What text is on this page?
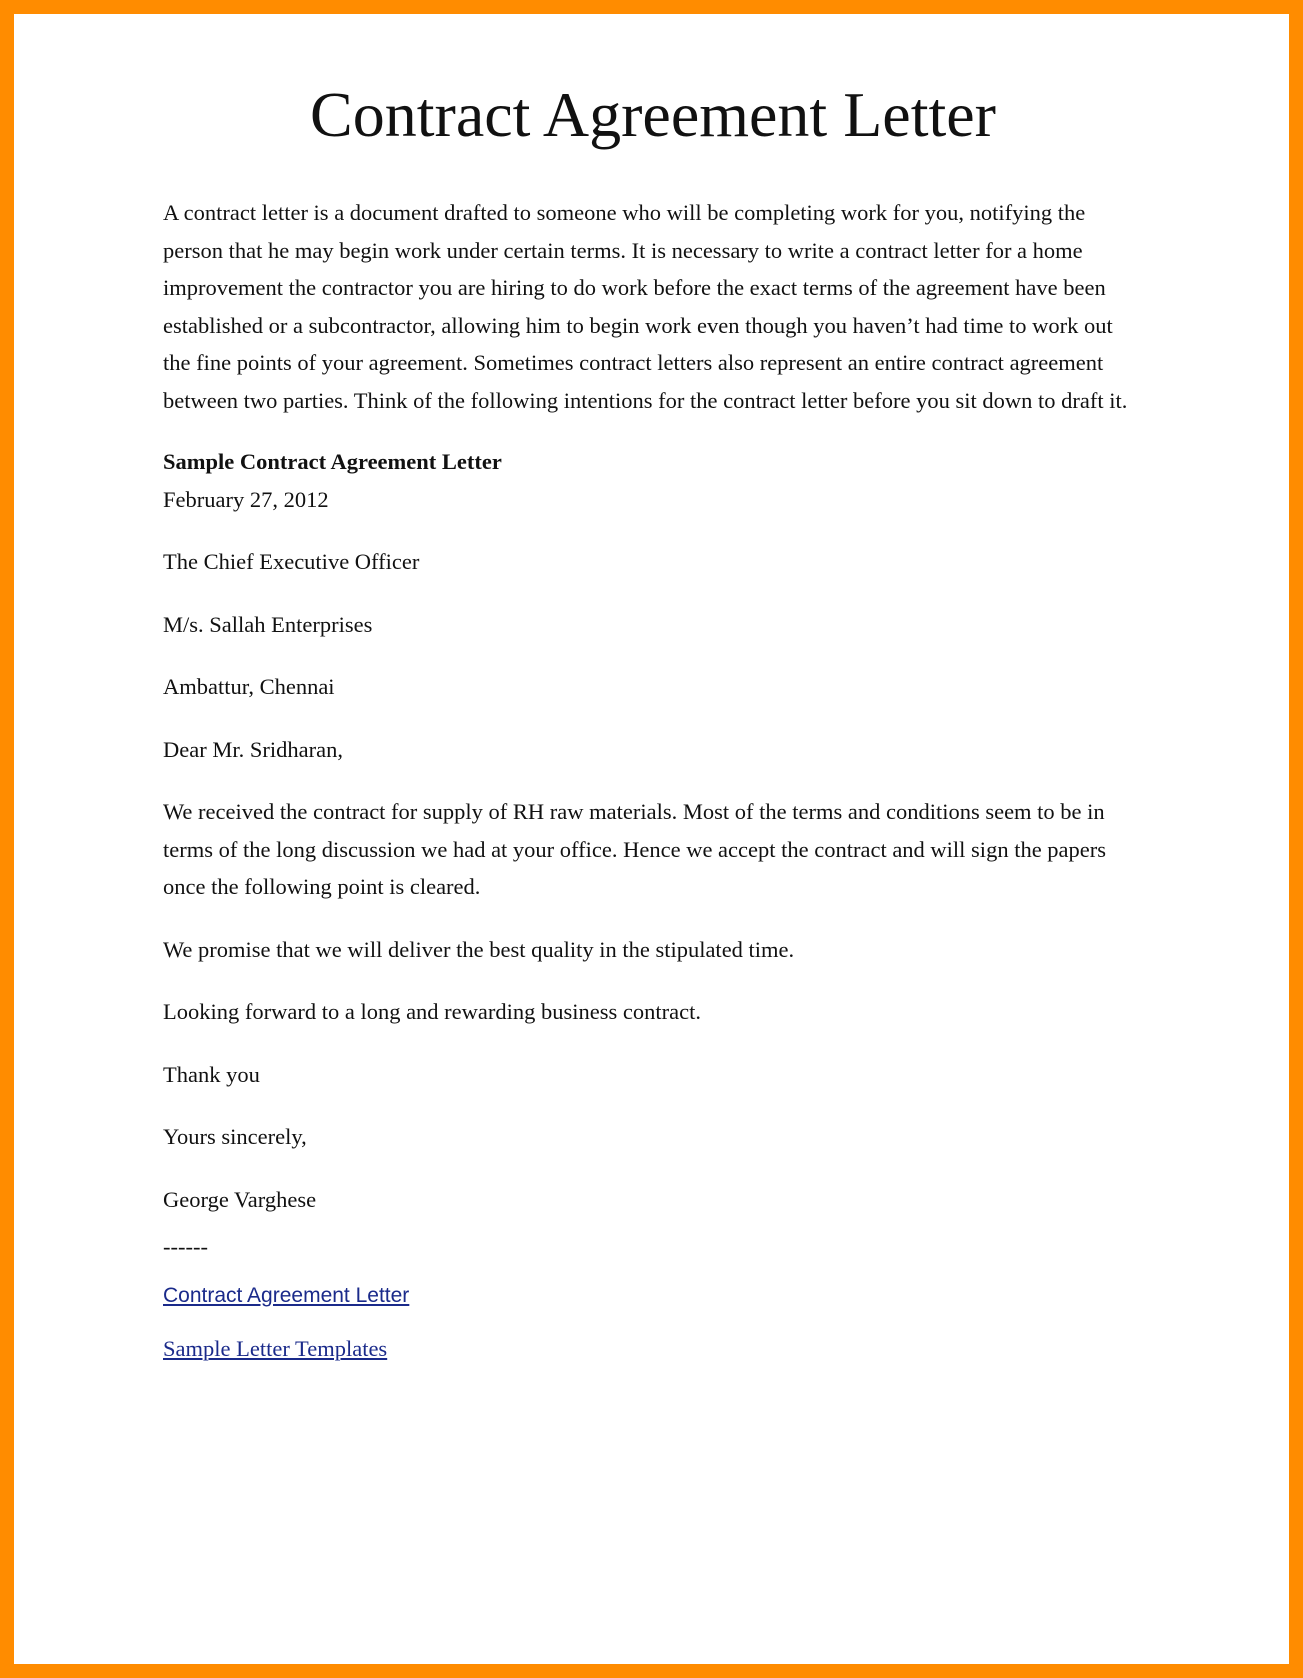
Contract Agreement Letter

A contract letter is a document drafted to someone who will be completing work for you, notifying the person that he may begin work under certain terms. It is necessary to write a contract letter for a home improvement the contractor you are hiring to do work before the exact terms of the agreement have been established or a subcontractor, allowing him to begin work even though you haven’t had time to work out the fine points of your agreement. Sometimes contract letters also represent an entire contract agreement between two parties. Think of the following intentions for the contract letter before you sit down to draft it.

Sample Contract Agreement Letter
February 27, 2012
The Chief Executive Officer
M/s. Sallah Enterprises
Ambattur, Chennai
Dear Mr. Sridharan,
We received the contract for supply of RH raw materials. Most of the terms and conditions seem to be in terms of the long discussion we had at your office. Hence we accept the contract and will sign the papers once the following point is cleared.
We promise that we will deliver the best quality in the stipulated time.
Looking forward to a long and rewarding business contract.
Thank you
Yours sincerely,
George Varghese
------
Contract Agreement Letter
Sample Letter Templates
